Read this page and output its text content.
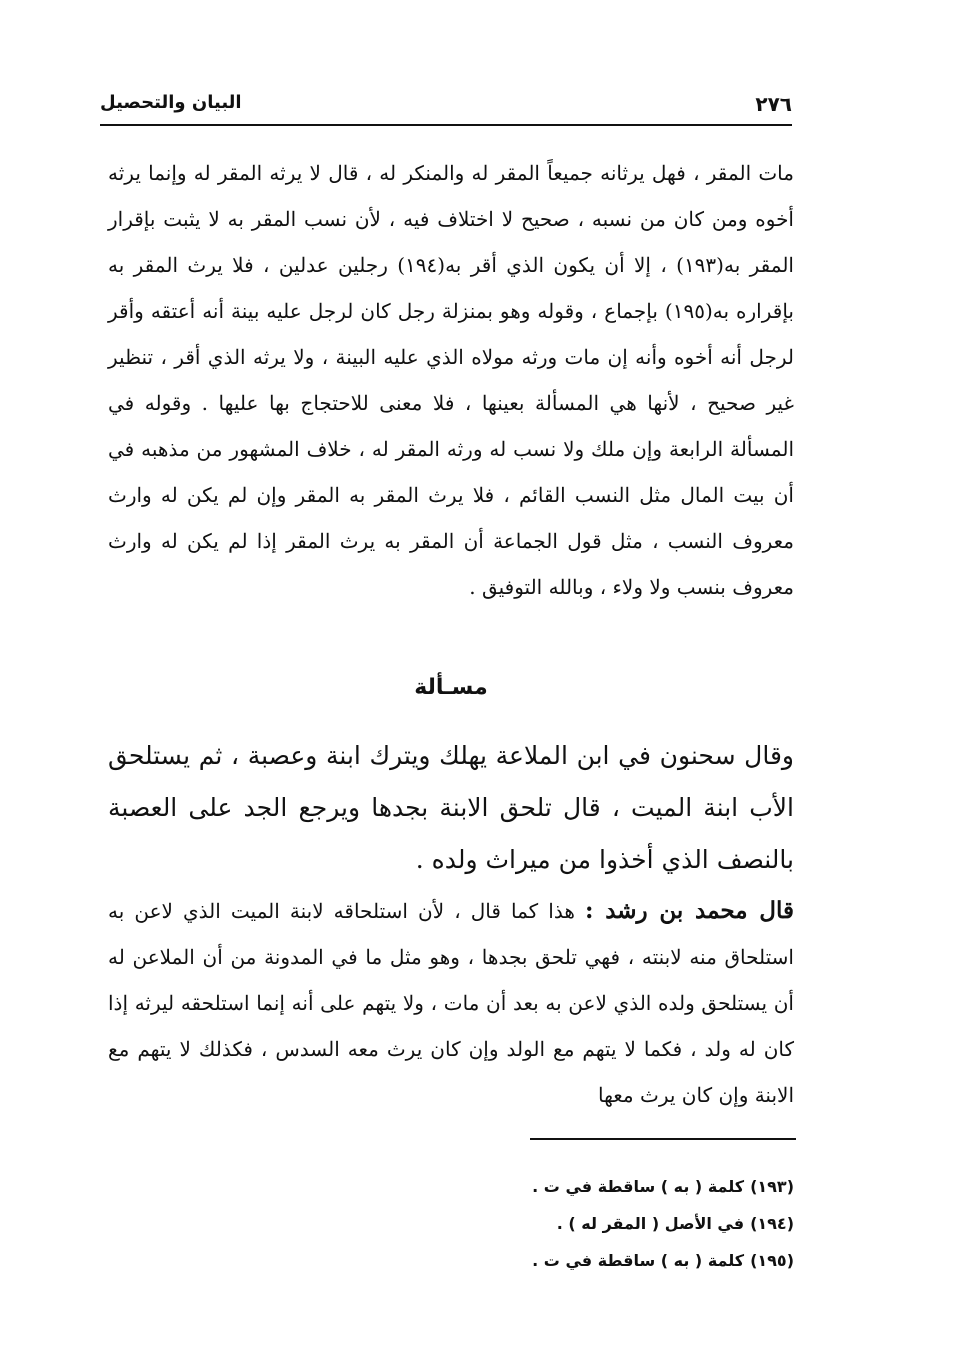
٢٧٦
البيان والتحصيل

مات المقر ، فهل يرثانه جميعاً المقر له والمنكر له ، قال لا يرثه المقر له وإنما يرثه أخوه ومن كان من نسبه ، صحيح لا اختلاف فيه ، لأن نسب المقر به لا يثبت بإقرار المقر به(١٩٣) ، إلا أن يكون الذي أقر به(١٩٤) رجلين عدلين ، فلا يرث المقر به بإقراره به(١٩٥) بإجماع ، وقوله وهو بمنزلة رجل كان لرجل عليه بينة أنه أعتقه وأقر لرجل أنه أخوه وأنه إن مات ورثه مولاه الذي عليه البينة ، ولا يرثه الذي أقر ، تنظير غير صحيح ، لأنها هي المسألة بعينها ، فلا معنى للاحتجاج بها عليها . وقوله في المسألة الرابعة وإن ملك ولا نسب له ورثه المقر له ، خلاف المشهور من مذهبه في أن بيت المال مثل النسب القائم ، فلا يرث المقر به المقر وإن لم يكن له وارث معروف النسب ، مثل قول الجماعة أن المقر به يرث المقر إذا لم يكن له وارث معروف بنسب ولا ولاء ، وبالله التوفيق .

مسـألة

وقال سحنون في ابن الملاعة يهلك ويترك ابنة وعصبة ، ثم يستلحق الأب ابنة الميت ، قال تلحق الابنة بجدها ويرجع الجد على العصبة بالنصف الذي أخذوا من ميراث ولده .

قال محمد بن رشد : هذا كما قال ، لأن استلحاقه لابنة الميت الذي لاعن به استلحاق منه لابنته ، فهي تلحق بجدها ، وهو مثل ما في المدونة من أن الملاعن له أن يستلحق ولده الذي لاعن به بعد أن مات ، ولا يتهم على أنه إنما استلحقه ليرثه إذا كان له ولد ، فكما لا يتهم مع الولد وإن كان يرث معه السدس ، فكذلك لا يتهم مع الابنة وإن كان يرث معها

(١٩٣)كلمة ( به ) ساقطة في ت .
(١٩٤)في الأصل ( المقر له ) .
(١٩٥)كلمة ( به ) ساقطة في ت .
